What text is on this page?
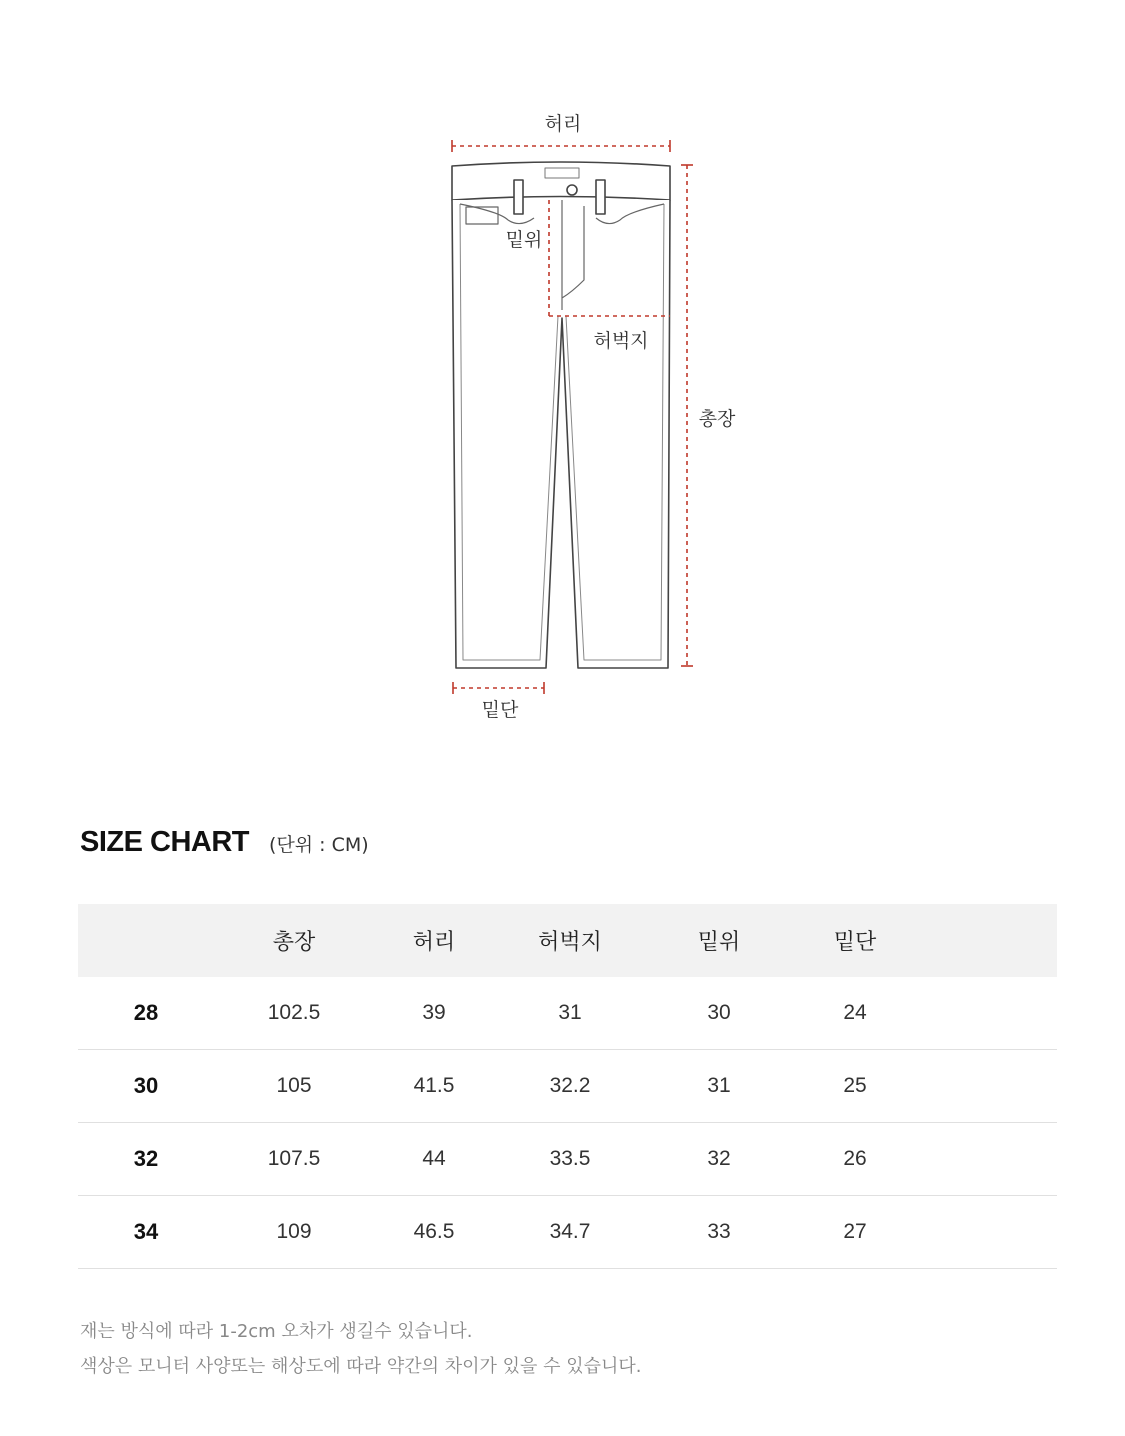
허리
밑위
허벅지
총장
밑단
SIZE CHART (단위 : CM)
	총장	허리	허벅지	밑위	밑단	
28	102.5	39	31	30	24	
30	105	41.5	32.2	31	25	
32	107.5	44	33.5	32	26	
34	109	46.5	34.7	33	27	
재는 방식에 따라 1-2cm 오차가 생길수 있습니다.
색상은 모니터 사양또는 해상도에 따라 약간의 차이가 있을 수 있습니다.
